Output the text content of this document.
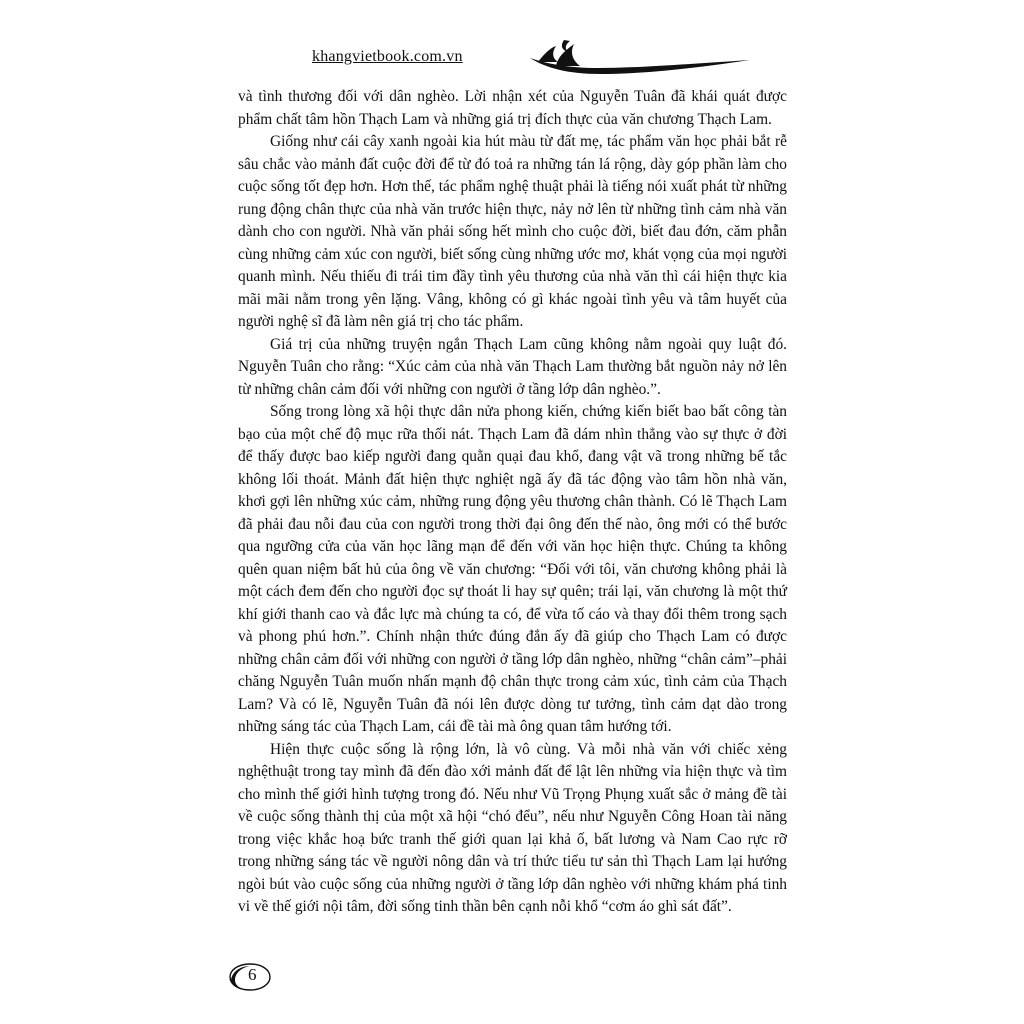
khangvietbook.com.vn

và tình thương đối với dân nghèo. Lời nhận xét của Nguyễn Tuân đã khái quát được phẩm chất tâm hồn Thạch Lam và những giá trị đích thực của văn chương Thạch Lam.

Giống như cái cây xanh ngoài kia hút màu từ đất mẹ, tác phẩm văn học phải bắt rễ sâu chắc vào mảnh đất cuộc đời để từ đó toả ra những tán lá rộng, dày góp phần làm cho cuộc sống tốt đẹp hơn. Hơn thế, tác phẩm nghệ thuật phải là tiếng nói xuất phát từ những rung động chân thực của nhà văn trước hiện thực, nảy nở lên từ những tình cảm nhà văn dành cho con người. Nhà văn phải sống hết mình cho cuộc đời, biết đau đớn, căm phẫn cùng những cảm xúc con người, biết sống cùng những ước mơ, khát vọng của mọi người quanh mình. Nếu thiếu đi trái tim đầy tình yêu thương của nhà văn thì cái hiện thực kia mãi mãi nằm trong yên lặng. Vâng, không có gì khác ngoài tình yêu và tâm huyết của người nghệ sĩ đã làm nên giá trị cho tác phẩm.

Giá trị của những truyện ngắn Thạch Lam cũng không nằm ngoài quy luật đó. Nguyễn Tuân cho rằng: “Xúc cảm của nhà văn Thạch Lam thường bắt nguồn nảy nở lên từ những chân cảm đối với những con người ở tầng lớp dân nghèo.”.

Sống trong lòng xã hội thực dân nửa phong kiến, chứng kiến biết bao bất công tàn bạo của một chế độ mục rữa thối nát. Thạch Lam đã dám nhìn thẳng vào sự thực ở đời để thấy được bao kiếp người đang quằn quại đau khổ, đang vật vã trong những bế tắc không lối thoát. Mảnh đất hiện thực nghiệt ngã ấy đã tác động vào tâm hồn nhà văn, khơi gợi lên những xúc cảm, những rung động yêu thương chân thành. Có lẽ Thạch Lam đã phải đau nỗi đau của con người trong thời đại ông đến thế nào, ông mới có thể bước qua ngưỡng cửa của văn học lãng mạn để đến với văn học hiện thực. Chúng ta không quên quan niệm bất hủ của ông về văn chương: “Đối với tôi, văn chương không phải là một cách đem đến cho người đọc sự thoát li hay sự quên; trái lại, văn chương là một thứ khí giới thanh cao và đắc lực mà chúng ta có, để vừa tố cáo và thay đổi thêm trong sạch và phong phú hơn.”. Chính nhận thức đúng đắn ấy đã giúp cho Thạch Lam có được những chân cảm đối với những con người ở tầng lớp dân nghèo, những “chân cảm”–phải chăng Nguyễn Tuân muốn nhấn mạnh độ chân thực trong cảm xúc, tình cảm của Thạch Lam? Và có lẽ, Nguyễn Tuân đã nói lên được dòng tư tưởng, tình cảm dạt dào trong những sáng tác của Thạch Lam, cái đề tài mà ông quan tâm hướng tới.

Hiện thực cuộc sống là rộng lớn, là vô cùng. Và mỗi nhà văn với chiếc xẻng nghệthuật trong tay mình đã đến đào xới mảnh đất để lật lên những vỉa hiện thực và tìm cho mình thế giới hình tượng trong đó. Nếu như Vũ Trọng Phụng xuất sắc ở mảng đề tài về cuộc sống thành thị của một xã hội “chó đểu”, nếu như Nguyễn Công Hoan tài năng trong việc khắc hoạ bức tranh thế giới quan lại khả ố, bất lương và Nam Cao rực rỡ trong những sáng tác về người nông dân và trí thức tiểu tư sản thì Thạch Lam lại hướng ngòi bút vào cuộc sống của những người ở tầng lớp dân nghèo với những khám phá tinh vi về thế giới nội tâm, đời sống tinh thần bên cạnh nỗi khổ “cơm áo ghì sát đất”.

6
